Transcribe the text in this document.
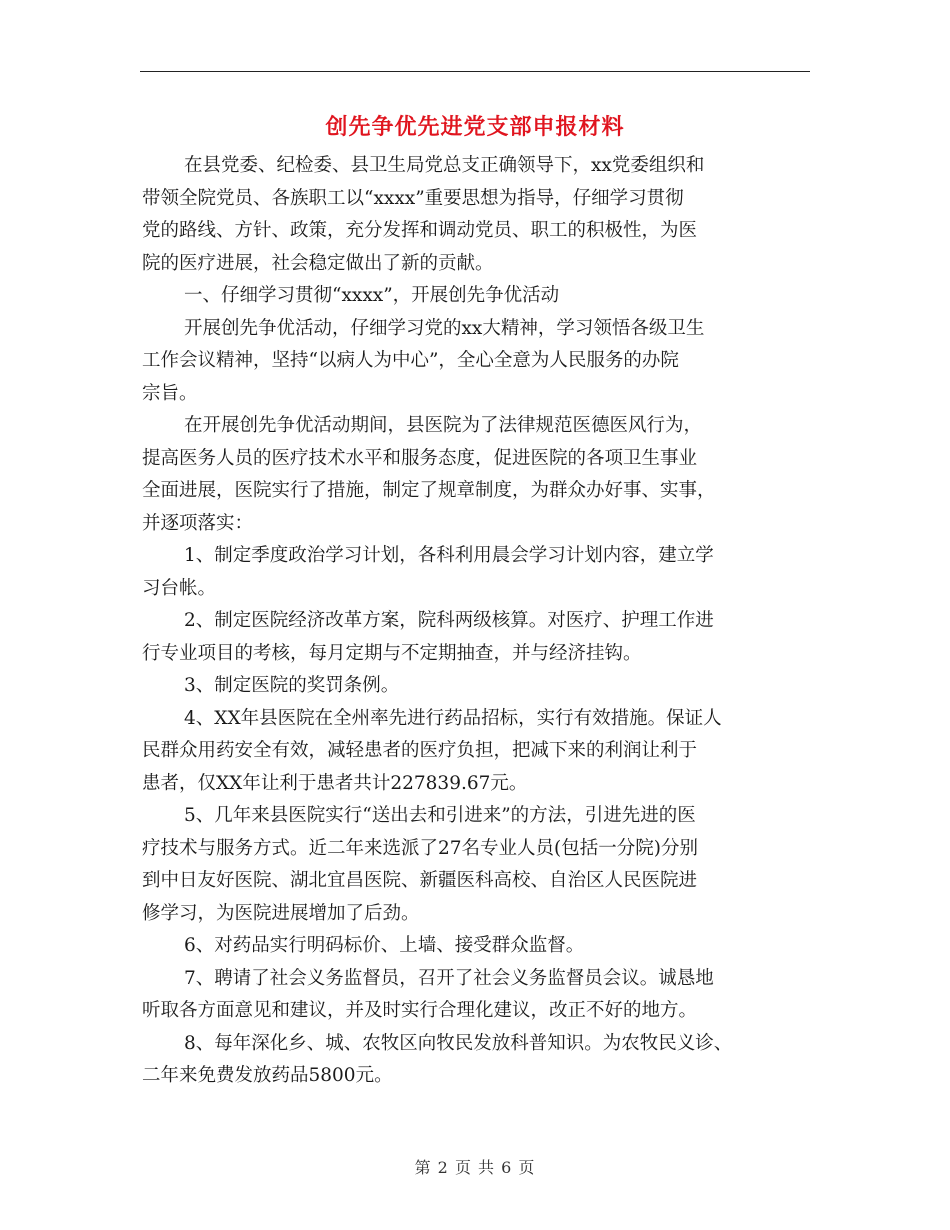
创先争优先进党支部申报材料

在县党委、纪检委、县卫生局党总支正确领导下，xx党委组织和
带领全院党员、各族职工以“xxxx”重要思想为指导，仔细学习贯彻
党的路线、方针、政策，充分发挥和调动党员、职工的积极性，为医
院的医疗进展，社会稳定做出了新的贡献。

一、仔细学习贯彻“xxxx”，开展创先争优活动

开展创先争优活动，仔细学习党的xx大精神，学习领悟各级卫生
工作会议精神，坚持“以病人为中心”，全心全意为人民服务的办院
宗旨。

在开展创先争优活动期间，县医院为了法律规范医德医风行为，
提高医务人员的医疗技术水平和服务态度，促进医院的各项卫生事业
全面进展，医院实行了措施，制定了规章制度，为群众办好事、实事，
并逐项落实：

1、制定季度政治学习计划，各科利用晨会学习计划内容，建立学
习台帐。

2、制定医院经济改革方案，院科两级核算。对医疗、护理工作进
行专业项目的考核，每月定期与不定期抽查，并与经济挂钩。

3、制定医院的奖罚条例。

4、XX年县医院在全州率先进行药品招标，实行有效措施。保证人
民群众用药安全有效，减轻患者的医疗负担，把减下来的利润让利于
患者，仅XX年让利于患者共计227839.67元。

5、几年来县医院实行“送出去和引进来”的方法，引进先进的医
疗技术与服务方式。近二年来选派了27名专业人员(包括一分院)分别
到中日友好医院、湖北宜昌医院、新疆医科高校、自治区人民医院进
修学习，为医院进展增加了后劲。

6、对药品实行明码标价、上墙、接受群众监督。

7、聘请了社会义务监督员，召开了社会义务监督员会议。诚恳地
听取各方面意见和建议，并及时实行合理化建议，改正不好的地方。

8、每年深化乡、城、农牧区向牧民发放科普知识。为农牧民义诊、
二年来免费发放药品5800元。

第 2 页 共 6 页
